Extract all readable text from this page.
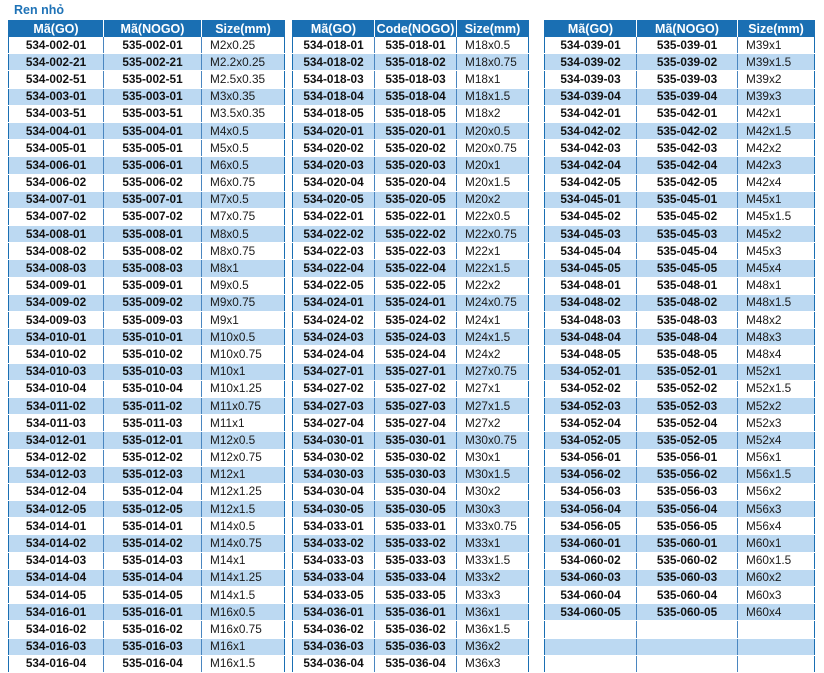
Ren nhỏ
Mã(GO)	Mã(NOGO)	Size(mm)
534-002-01	535-002-01	M2x0.25
534-002-21	535-002-21	M2.2x0.25
534-002-51	535-002-51	M2.5x0.35
534-003-01	535-003-01	M3x0.35
534-003-51	535-003-51	M3.5x0.35
534-004-01	535-004-01	M4x0.5
534-005-01	535-005-01	M5x0.5
534-006-01	535-006-01	M6x0.5
534-006-02	535-006-02	M6x0.75
534-007-01	535-007-01	M7x0.5
534-007-02	535-007-02	M7x0.75
534-008-01	535-008-01	M8x0.5
534-008-02	535-008-02	M8x0.75
534-008-03	535-008-03	M8x1
534-009-01	535-009-01	M9x0.5
534-009-02	535-009-02	M9x0.75
534-009-03	535-009-03	M9x1
534-010-01	535-010-01	M10x0.5
534-010-02	535-010-02	M10x0.75
534-010-03	535-010-03	M10x1
534-010-04	535-010-04	M10x1.25
534-011-02	535-011-02	M11x0.75
534-011-03	535-011-03	M11x1
534-012-01	535-012-01	M12x0.5
534-012-02	535-012-02	M12x0.75
534-012-03	535-012-03	M12x1
534-012-04	535-012-04	M12x1.25
534-012-05	535-012-05	M12x1.5
534-014-01	535-014-01	M14x0.5
534-014-02	535-014-02	M14x0.75
534-014-03	535-014-03	M14x1
534-014-04	535-014-04	M14x1.25
534-014-05	535-014-05	M14x1.5
534-016-01	535-016-01	M16x0.5
534-016-02	535-016-02	M16x0.75
534-016-03	535-016-03	M16x1
534-016-04	535-016-04	M16x1.5
Mã(GO)	Code(NOGO)	Size(mm)
534-018-01	535-018-01	M18x0.5
534-018-02	535-018-02	M18x0.75
534-018-03	535-018-03	M18x1
534-018-04	535-018-04	M18x1.5
534-018-05	535-018-05	M18x2
534-020-01	535-020-01	M20x0.5
534-020-02	535-020-02	M20x0.75
534-020-03	535-020-03	M20x1
534-020-04	535-020-04	M20x1.5
534-020-05	535-020-05	M20x2
534-022-01	535-022-01	M22x0.5
534-022-02	535-022-02	M22x0.75
534-022-03	535-022-03	M22x1
534-022-04	535-022-04	M22x1.5
534-022-05	535-022-05	M22x2
534-024-01	535-024-01	M24x0.75
534-024-02	535-024-02	M24x1
534-024-03	535-024-03	M24x1.5
534-024-04	535-024-04	M24x2
534-027-01	535-027-01	M27x0.75
534-027-02	535-027-02	M27x1
534-027-03	535-027-03	M27x1.5
534-027-04	535-027-04	M27x2
534-030-01	535-030-01	M30x0.75
534-030-02	535-030-02	M30x1
534-030-03	535-030-03	M30x1.5
534-030-04	535-030-04	M30x2
534-030-05	535-030-05	M30x3
534-033-01	535-033-01	M33x0.75
534-033-02	535-033-02	M33x1
534-033-03	535-033-03	M33x1.5
534-033-04	535-033-04	M33x2
534-033-05	535-033-05	M33x3
534-036-01	535-036-01	M36x1
534-036-02	535-036-02	M36x1.5
534-036-03	535-036-03	M36x2
534-036-04	535-036-04	M36x3
Mã(GO)	Mã(NOGO)	Size(mm)
534-039-01	535-039-01	M39x1
534-039-02	535-039-02	M39x1.5
534-039-03	535-039-03	M39x2
534-039-04	535-039-04	M39x3
534-042-01	535-042-01	M42x1
534-042-02	535-042-02	M42x1.5
534-042-03	535-042-03	M42x2
534-042-04	535-042-04	M42x3
534-042-05	535-042-05	M42x4
534-045-01	535-045-01	M45x1
534-045-02	535-045-02	M45x1.5
534-045-03	535-045-03	M45x2
534-045-04	535-045-04	M45x3
534-045-05	535-045-05	M45x4
534-048-01	535-048-01	M48x1
534-048-02	535-048-02	M48x1.5
534-048-03	535-048-03	M48x2
534-048-04	535-048-04	M48x3
534-048-05	535-048-05	M48x4
534-052-01	535-052-01	M52x1
534-052-02	535-052-02	M52x1.5
534-052-03	535-052-03	M52x2
534-052-04	535-052-04	M52x3
534-052-05	535-052-05	M52x4
534-056-01	535-056-01	M56x1
534-056-02	535-056-02	M56x1.5
534-056-03	535-056-03	M56x2
534-056-04	535-056-04	M56x3
534-056-05	535-056-05	M56x4
534-060-01	535-060-01	M60x1
534-060-02	535-060-02	M60x1.5
534-060-03	535-060-03	M60x2
534-060-04	535-060-04	M60x3
534-060-05	535-060-05	M60x4
